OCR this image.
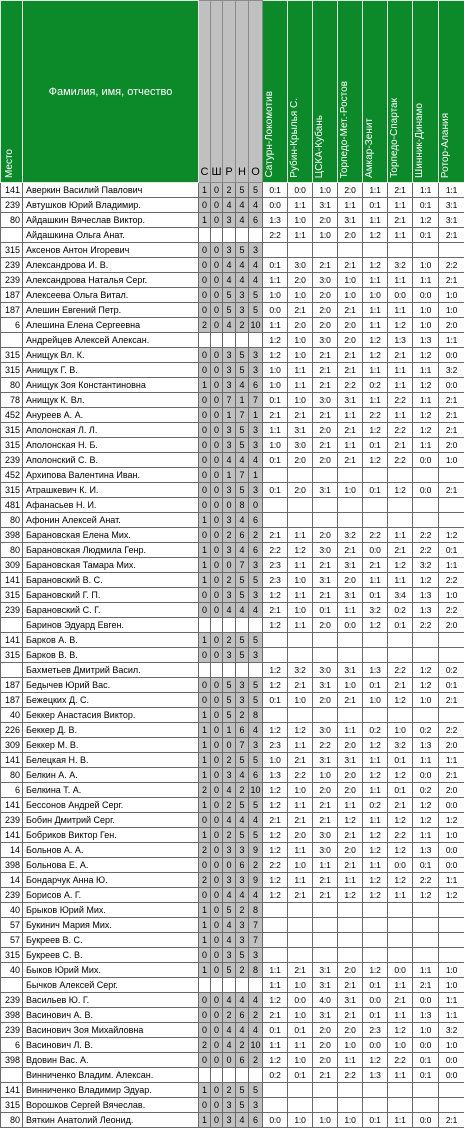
Место	Фамилия, имя, отчество	С	Ш	Р	Н	О	Сатурн-Локомотив	Рубин-Крылья С.	ЦСКА-Кубань	Торпедо-Мет.-Ростов	Амкар-Зенит	Торпедо-Спартак	Шинник-Динамо	Ротор-Алания

141	Аверкин Василий Павлович	1	0	2	5	5	0:1	0:0	1:0	2:0	1:1	2:1	1:1	1:1
239	Автушков Юрий Владимир.	0	0	4	4	4	0:0	1:1	3:1	1:1	0:1	1:1	0:1	3:1
80	Айдашкин Вячеслав Виктор.	1	0	3	4	6	1:3	1:0	2:0	3:1	1:1	2:1	1:2	3:1
	Айдашкина Ольга Анат.						2:2	1:1	1:0	2:0	1:2	1:1	0:1	2:1
315	Аксенов Антон Игоревич	0	0	3	5	3								
239	Александрова И. В.	0	0	4	4	4	0:1	3:0	2:1	2:1	1:2	3:2	1:0	2:2
239	Александрова Наталья Серг.	0	0	4	4	4	1:1	2:0	3:0	1:0	1:1	1:1	1:1	2:1
187	Алексеева Ольга Витал.	0	0	5	3	5	1:0	1:0	2:0	1:0	1:0	0:0	0:0	1:0
187	Алешин Евгений Петр.	0	0	5	3	5	0:0	2:1	2:0	2:1	1:1	1:1	1:0	1:0
6	Алешина Елена Сергеевна	2	0	4	2	10	1:1	2:0	2:0	2:0	1:1	1:2	1:0	2:0
	Андрейцев Алексей Алексан.						1:2	1:0	3:0	2:0	1:2	1:3	1:3	1:1
315	Анищук Вл. К.	0	0	3	5	3	1:2	1:0	2:1	2:1	1:2	2:1	1:2	0:0
315	Анищук Г. В.	0	0	3	5	3	1:0	1:1	2:1	2:1	1:1	1:1	1:1	3:2
80	Анищук Зоя Константиновна	1	0	3	4	6	1:0	1:1	2:1	2:2	0:2	1:1	1:2	0:0
78	Анищук К. Вл.	0	0	7	1	7	0:1	1:0	3:0	3:1	1:1	2:2	1:1	2:1
452	Ануреев А. А.	0	0	1	7	1	2:1	2:1	2:1	1:1	2:2	1:1	1:2	2:1
315	Аполонская Л. Л.	0	0	3	5	3	1:1	3:1	2:0	2:1	1:2	2:2	1:2	2:1
315	Аполонская Н. Б.	0	0	3	5	3	1:0	3:0	2:1	1:1	0:1	2:1	1:1	2:0
239	Аполонский С. В.	0	0	4	4	4	0:1	2:0	2:0	2:1	1:2	2:2	0:0	1:0
452	Архипова Валентина Иван.	0	0	1	7	1								
315	Атрашкевич К. И.	0	0	3	5	3	0:1	2:0	3:1	1:0	0:1	1:2	0:0	2:1
481	Афанасьев Н. И.	0	0	0	8	0								
80	Афонин Алексей Анат.	1	0	3	4	6								
398	Барановская Елена Мих.	0	0	2	6	2	2:1	1:1	2:0	3:2	2:2	1:1	2:2	1:2
80	Барановская Людмила Генр.	1	0	3	4	6	2:2	1:2	3:0	2:1	0:0	2:1	2:2	0:1
309	Барановская Тамара Мих.	1	0	0	7	3	2:3	1:1	2:1	3:1	2:1	1:2	3:2	1:1
141	Барановский В. С.	1	0	2	5	5	2:3	1:0	3:1	2:0	1:1	1:1	1:2	2:2
315	Барановский Г. П.	0	0	3	5	3	1:2	1:1	2:1	3:1	0:1	3:4	1:3	1:0
239	Барановский С. Г.	0	0	4	4	4	2:1	1:0	0:1	1:1	3:2	0:2	1:3	2:2
	Баринов Эдуард Евген.						1:2	1:1	2:0	0:0	1:2	0:1	2:2	2:0
141	Барков А. В.	1	0	2	5	5								
315	Барков В. В.	0	0	3	5	3								
	Бахметьев Дмитрий Васил.						1:2	3:2	3:0	3:1	1:3	2:2	1:2	0:2
187	Бедычев Юрий Вас.	0	0	5	3	5	1:2	2:1	3:1	1:0	0:1	2:1	1:2	0:1
187	Бежецких Д. С.	0	0	5	3	5	0:1	1:0	2:0	2:1	1:0	1:2	1:0	2:1
40	Беккер Анастасия Виктор.	1	0	5	2	8								
226	Беккер Д. В.	1	0	1	6	4	1:2	1:2	3:0	1:1	0:2	1:0	0:2	2:2
309	Беккер М. В.	1	0	0	7	3	2:3	1:1	2:2	2:0	1:2	3:2	1:3	2:0
141	Белецкая Н. В.	1	0	2	5	5	1:0	2:1	3:1	3:1	1:1	0:1	1:1	1:1
80	Белкин А. А.	1	0	3	4	6	1:3	2:2	1:0	2:0	1:2	1:2	0:0	2:1
6	Белкина Т. А.	2	0	4	2	10	1:2	1:0	2:0	2:0	1:1	0:1	0:2	2:0
141	Бессонов Андрей Серг.	1	0	2	5	5	1:2	1:1	2:1	1:1	0:2	2:1	1:2	0:0
239	Бобин Дмитрий Серг.	0	0	4	4	4	2:1	2:1	2:1	1:2	1:1	1:2	1:2	1:2
141	Бобриков Виктор Ген.	1	0	2	5	5	1:2	2:0	3:0	2:1	1:2	2:2	1:1	1:0
14	Больнов А. А.	2	0	3	3	9	1:2	1:1	3:0	2:0	1:2	1:2	1:3	0:0
398	Больнова Е. А.	0	0	0	6	2	2:2	1:0	1:1	2:1	1:1	0:0	0:1	0:0
14	Бондарчук Анна Ю.	2	0	3	3	9	1:2	1:1	2:1	1:1	1:2	1:2	2:2	1:1
239	Борисов А. Г.	0	0	4	4	4	1:2	2:1	2:1	1:2	1:2	1:1	1:2	1:2
40	Брыков Юрий Мих.	1	0	5	2	8								
57	Букинич Мария Мих.	1	0	4	3	7								
57	Букреев В. С.	1	0	4	3	7								
315	Букреев С. В.	0	0	3	5	3								
40	Быков Юрий Мих.	1	0	5	2	8	1:1	2:1	3:1	2:0	1:2	0:0	1:1	1:0
	Бычков Алексей Серг.						1:1	1:0	3:1	2:1	0:1	1:1	2:1	1:0
239	Васильев Ю. Г.	0	0	4	4	4	1:2	0:0	4:0	3:1	0:0	2:1	0:0	1:1
398	Васинович А. В.	0	0	2	6	2	2:1	1:0	3:1	2:1	0:1	1:1	1:3	1:1
239	Васинович Зоя Михайловна	0	0	4	4	4	0:1	0:1	2:0	2:0	2:3	1:2	1:0	3:2
6	Васинович Л. В.	2	0	4	2	10	1:1	1:1	2:0	1:0	0:0	1:0	0:0	1:0
398	Вдовин Вас. А.	0	0	0	6	2	1:2	1:0	2:0	1:1	1:2	2:2	0:1	0:0
	Винниченко Владим. Алексан.						0:2	0:1	2:1	2:2	1:3	1:1	0:1	0:0
141	Винниченко Владимир Эдуар.	1	0	2	5	5								
315	Ворошков Сергей Вячеслав.	0	0	3	5	3								
80	Вяткин Анатолий Леонид.	1	0	3	4	6	0:0	1:0	1:0	1:0	0:1	1:1	0:0	2:1
